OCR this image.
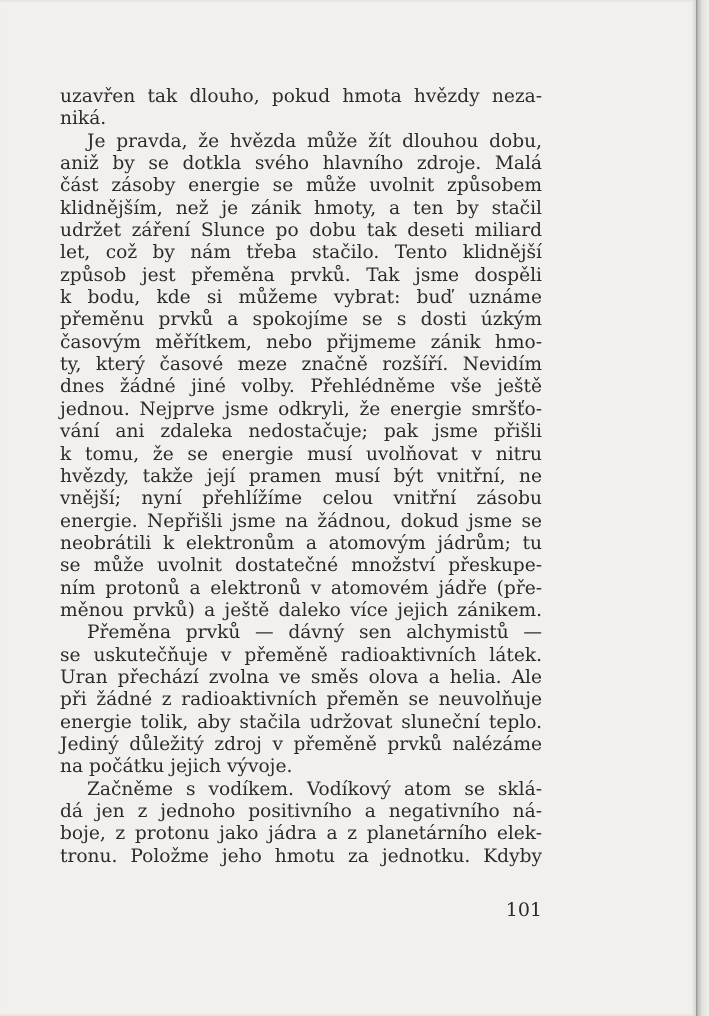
uzavřen tak dlouho, pokud hmota hvězdy neza-
niká.
Je pravda, že hvězda může žít dlouhou dobu,
aniž by se dotkla svého hlavního zdroje. Malá
část zásoby energie se může uvolnit způsobem
klidnějším, než je zánik hmoty, a ten by stačil
udržet záření Slunce po dobu tak deseti miliard
let, což by nám třeba stačilo. Tento klidnější
způsob jest přeměna prvků. Tak jsme dospěli
k bodu, kde si můžeme vybrat: buď uznáme
přeměnu prvků a spokojíme se s dosti úzkým
časovým měřítkem, nebo přijmeme zánik hmo-
ty, který časové meze značně rozšíří. Nevidím
dnes žádné jiné volby. Přehlédněme vše ještě
jednou. Nejprve jsme odkryli, že energie smršťo-
vání ani zdaleka nedostačuje; pak jsme přišli
k tomu, že se energie musí uvolňovat v nitru
hvězdy, takže její pramen musí být vnitřní, ne
vnější; nyní přehlížíme celou vnitřní zásobu
energie. Nepřišli jsme na žádnou, dokud jsme se
neobrátili k elektronům a atomovým jádrům; tu
se může uvolnit dostatečné množství přeskupe-
ním protonů a elektronů v atomovém jádře (pře-
měnou prvků) a ještě daleko více jejich zánikem.
Přeměna prvků — dávný sen alchymistů —
se uskutečňuje v přeměně radioaktivních látek.
Uran přechází zvolna ve směs olova a helia. Ale
při žádné z radioaktivních přeměn se neuvolňuje
energie tolik, aby stačila udržovat sluneční teplo.
Jediný důležitý zdroj v přeměně prvků nalézáme
na počátku jejich vývoje.
Začněme s vodíkem. Vodíkový atom se sklá-
dá jen z jednoho positivního a negativního ná-
boje, z protonu jako jádra a z planetárního elek-
tronu. Položme jeho hmotu za jednotku. Kdyby
101
